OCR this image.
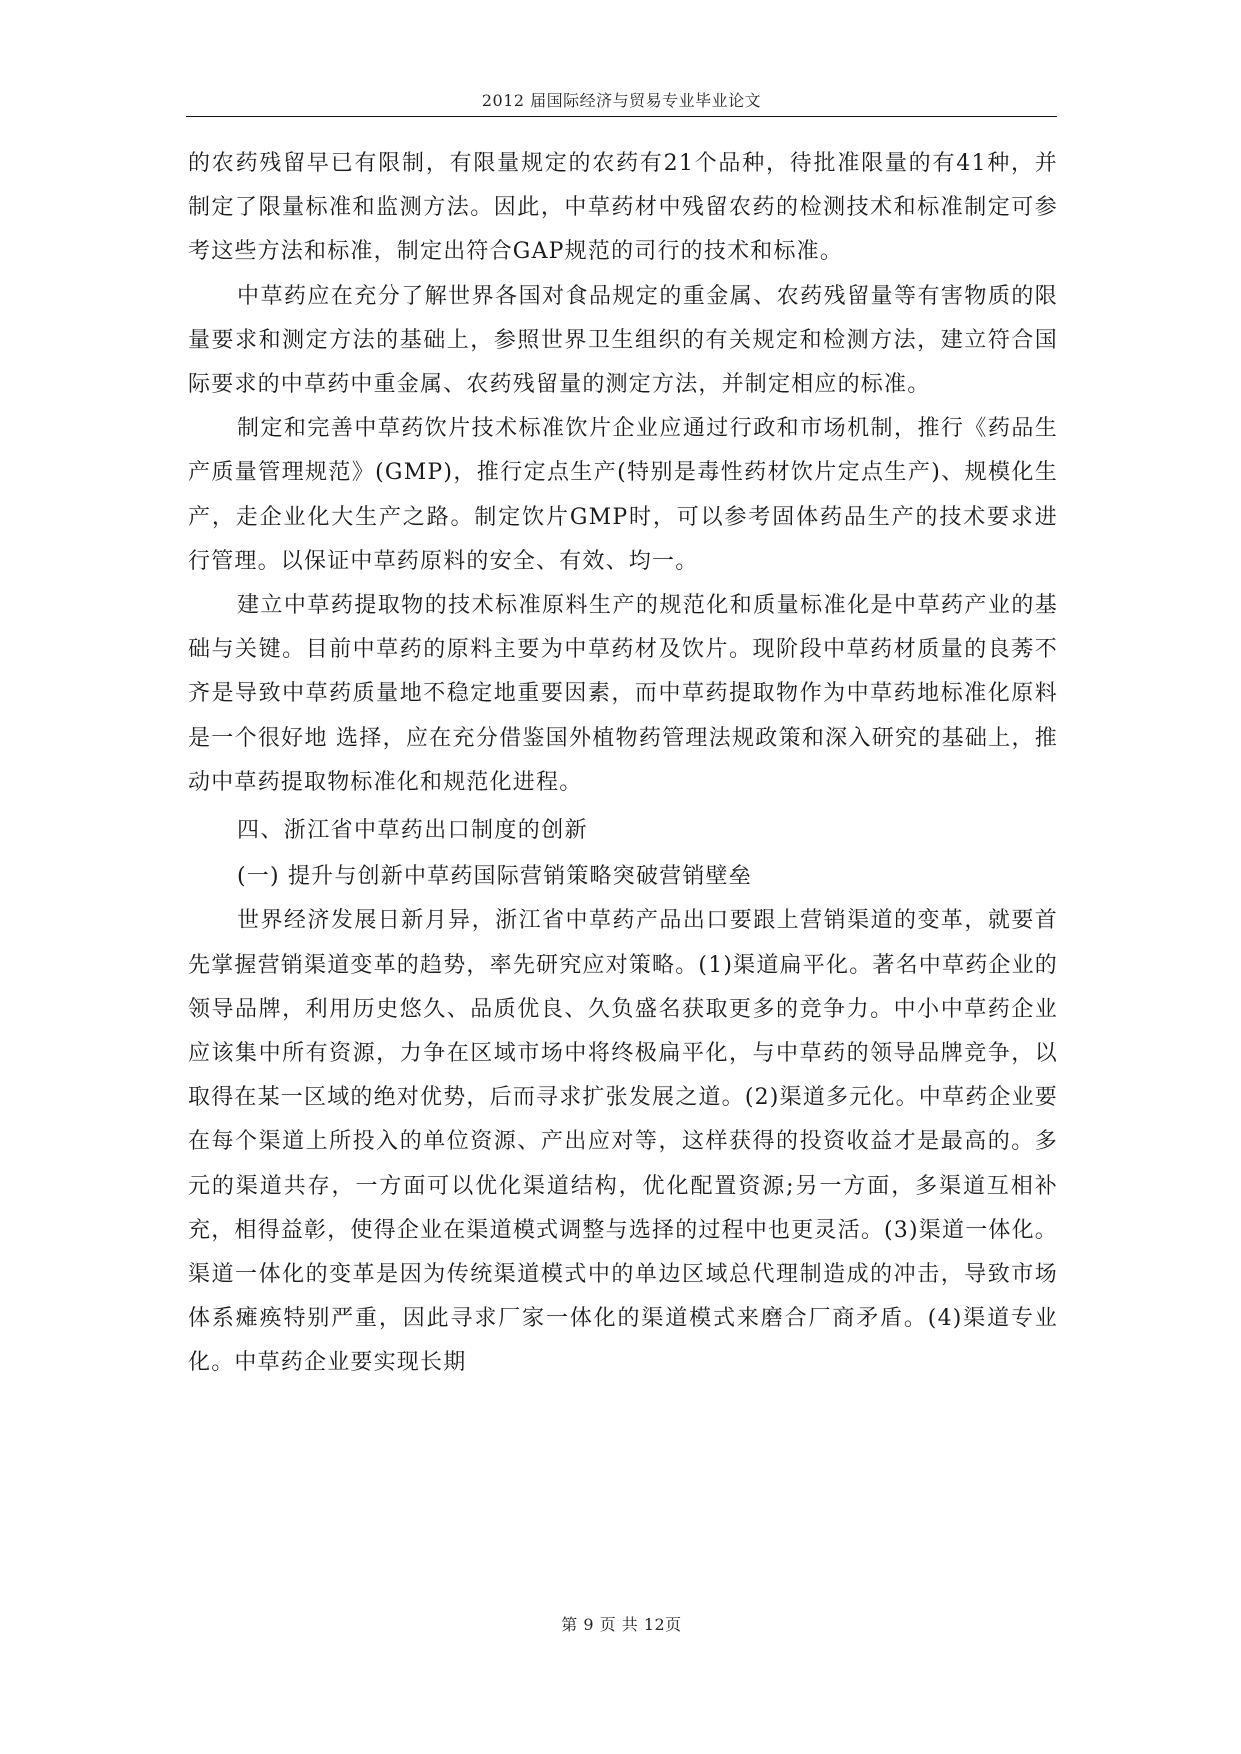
2012 届国际经济与贸易专业毕业论文

的农药残留早已有限制，有限量规定的农药有21个品种，待批准限量的有41种，并制定了限量标准和监测方法。因此，中草药材中残留农药的检测技术和标准制定可参考这些方法和标准，制定出符合GAP规范的司行的技术和标准。

中草药应在充分了解世界各国对食品规定的重金属、农药残留量等有害物质的限量要求和测定方法的基础上，参照世界卫生组织的有关规定和检测方法，建立符合国际要求的中草药中重金属、农药残留量的测定方法，并制定相应的标准。

制定和完善中草药饮片技术标准饮片企业应通过行政和市场机制，推行《药品生产质量管理规范》(GMP)，推行定点生产(特别是毒性药材饮片定点生产)、规模化生产，走企业化大生产之路。制定饮片GMP时，可以参考固体药品生产的技术要求进行管理。以保证中草药原料的安全、有效、均一。

建立中草药提取物的技术标准原料生产的规范化和质量标准化是中草药产业的基础与关键。目前中草药的原料主要为中草药材及饮片。现阶段中草药材质量的良莠不齐是导致中草药质量地不稳定地重要因素，而中草药提取物作为中草药地标准化原料是一个很好地 选择，应在充分借鉴国外植物药管理法规政策和深入研究的基础上，推动中草药提取物标准化和规范化进程。

四、浙江省中草药出口制度的创新

(一) 提升与创新中草药国际营销策略突破营销壁垒

世界经济发展日新月异，浙江省中草药产品出口要跟上营销渠道的变革，就要首先掌握营销渠道变革的趋势，率先研究应对策略。(1)渠道扁平化。著名中草药企业的领导品牌，利用历史悠久、品质优良、久负盛名获取更多的竞争力。中小中草药企业应该集中所有资源，力争在区域市场中将终极扁平化，与中草药的领导品牌竞争，以取得在某一区域的绝对优势，后而寻求扩张发展之道。(2)渠道多元化。中草药企业要在每个渠道上所投入的单位资源、产出应对等，这样获得的投资收益才是最高的。多元的渠道共存，一方面可以优化渠道结构，优化配置资源;另一方面，多渠道互相补充，相得益彰，使得企业在渠道模式调整与选择的过程中也更灵活。(3)渠道一体化。渠道一体化的变革是因为传统渠道模式中的单边区域总代理制造成的冲击，导致市场体系瘫痪特别严重，因此寻求厂家一体化的渠道模式来磨合厂商矛盾。(4)渠道专业化。中草药企业要实现长期

第 9 页 共 12页
